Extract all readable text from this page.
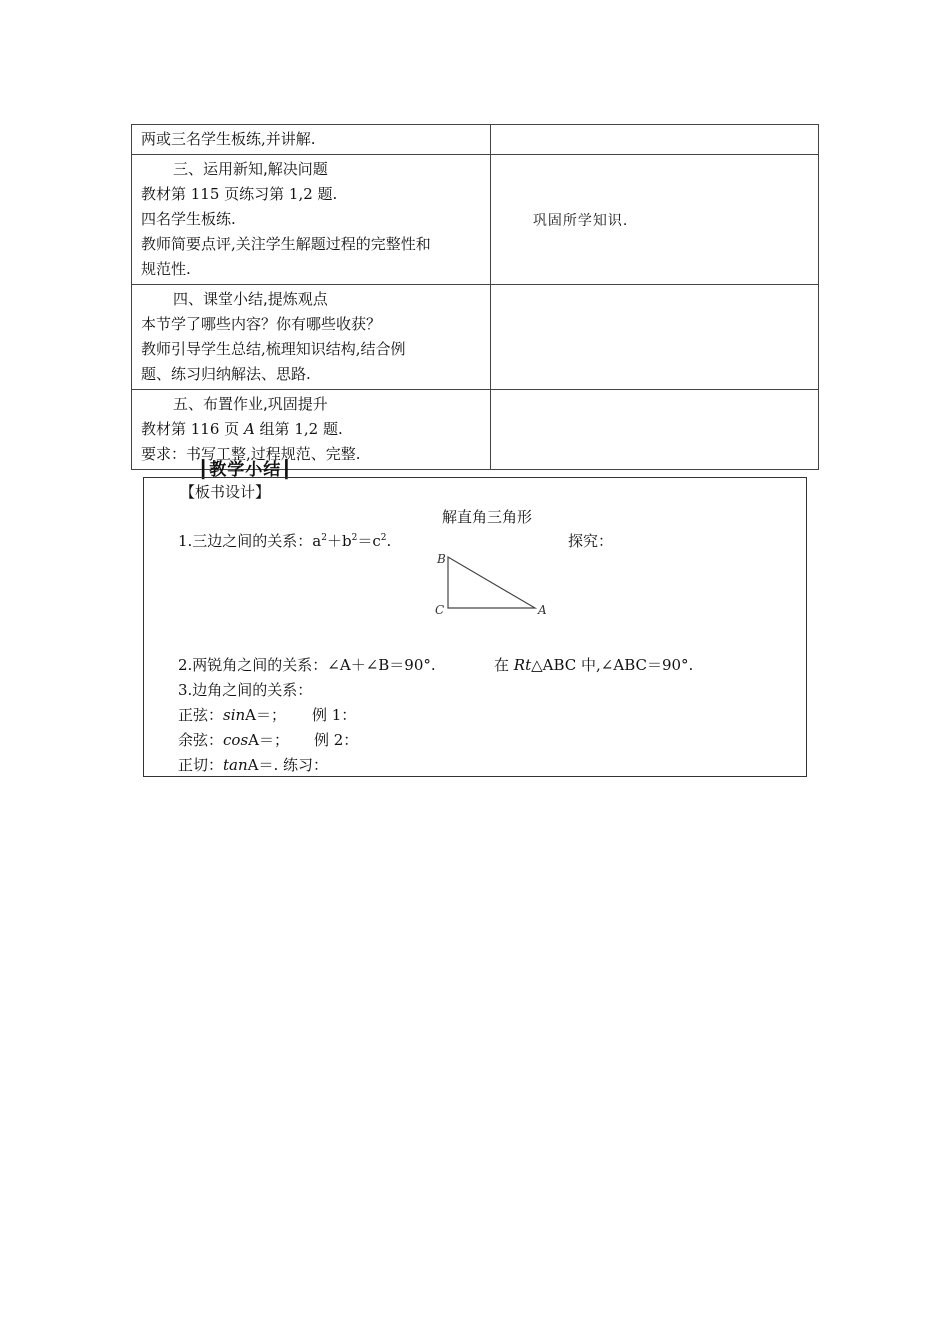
两或三名学生板练,并讲解.	

三、运用新知,解决问题
教材第 115 页练习第 1,2 题.
四名学生板练.
教师简要点评,关注学生解题过程的完整性和
规范性.	巩固所学知识.

四、课堂小结,提炼观点
本节学了哪些内容？你有哪些收获？
教师引导学生总结,梳理知识结构,结合例
题、练习归纳解法、思路.	

五、布置作业,巩固提升
教材第 116 页 A 组第 1,2 题.
要求：书写工整,过程规范、完整.	

┃教学小结┃
【板书设计】
解直角三角形
1.三边之间的关系：$a^2+b^2=c^2$.	探究：
B
C	A
2.两锐角之间的关系：∠A＋∠B＝90°.	在 Rt△ABC 中,∠ABC＝90°.
3.边角之间的关系：
正弦：sinA＝； 例 1：
余弦：cosA＝； 例 2：
正切：tanA＝. 练习：
